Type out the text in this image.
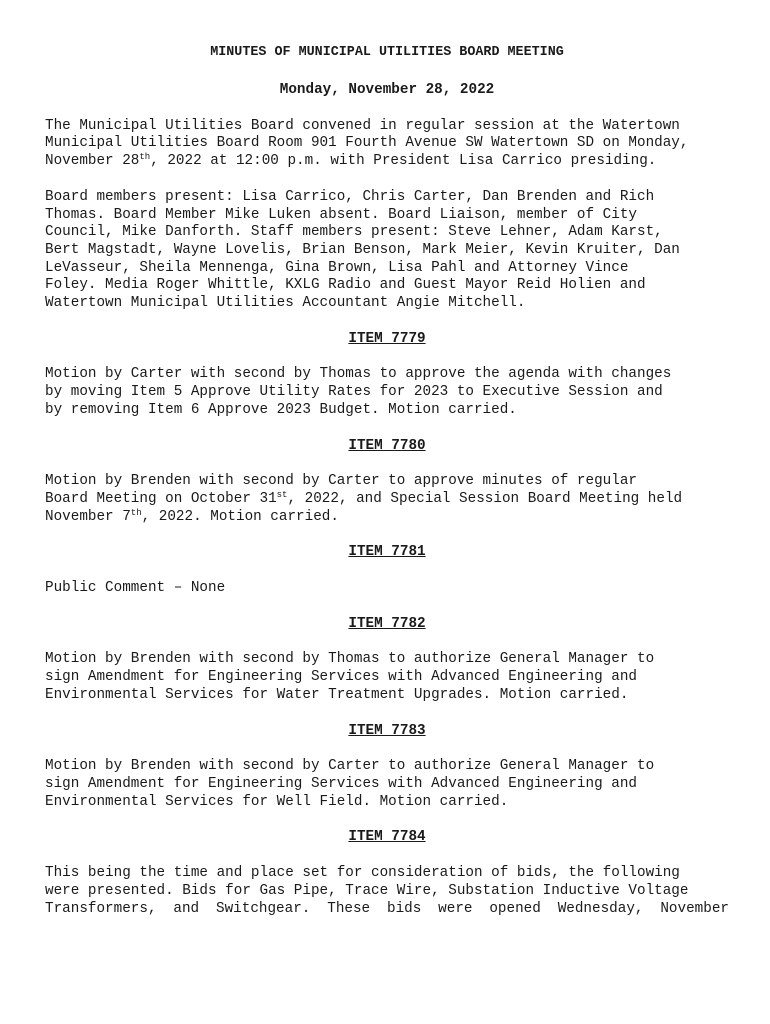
MINUTES OF MUNICIPAL UTILITIES BOARD MEETING
Monday, November 28, 2022

The Municipal Utilities Board convened in regular session at the Watertown
Municipal Utilities Board Room 901 Fourth Avenue SW Watertown SD on Monday,
November 28th, 2022 at 12:00 p.m. with President Lisa Carrico presiding.

Board members present: Lisa Carrico, Chris Carter, Dan Brenden and Rich
Thomas. Board Member Mike Luken absent. Board Liaison, member of City
Council, Mike Danforth. Staff members present: Steve Lehner, Adam Karst,
Bert Magstadt, Wayne Lovelis, Brian Benson, Mark Meier, Kevin Kruiter, Dan
LeVasseur, Sheila Mennenga, Gina Brown, Lisa Pahl and Attorney Vince
Foley. Media Roger Whittle, KXLG Radio and Guest Mayor Reid Holien and
Watertown Municipal Utilities Accountant Angie Mitchell.

ITEM 7779

Motion by Carter with second by Thomas to approve the agenda with changes
by moving Item 5 Approve Utility Rates for 2023 to Executive Session and
by removing Item 6 Approve 2023 Budget. Motion carried.

ITEM 7780

Motion by Brenden with second by Carter to approve minutes of regular
Board Meeting on October 31st, 2022, and Special Session Board Meeting held
November 7th, 2022. Motion carried.

ITEM 7781

Public Comment – None

ITEM 7782

Motion by Brenden with second by Thomas to authorize General Manager to
sign Amendment for Engineering Services with Advanced Engineering and
Environmental Services for Water Treatment Upgrades. Motion carried.

ITEM 7783

Motion by Brenden with second by Carter to authorize General Manager to
sign Amendment for Engineering Services with Advanced Engineering and
Environmental Services for Well Field. Motion carried.

ITEM 7784

This being the time and place set for consideration of bids, the following
were presented. Bids for Gas Pipe, Trace Wire, Substation Inductive Voltage
Transformers, and Switchgear. These bids were opened Wednesday, November
